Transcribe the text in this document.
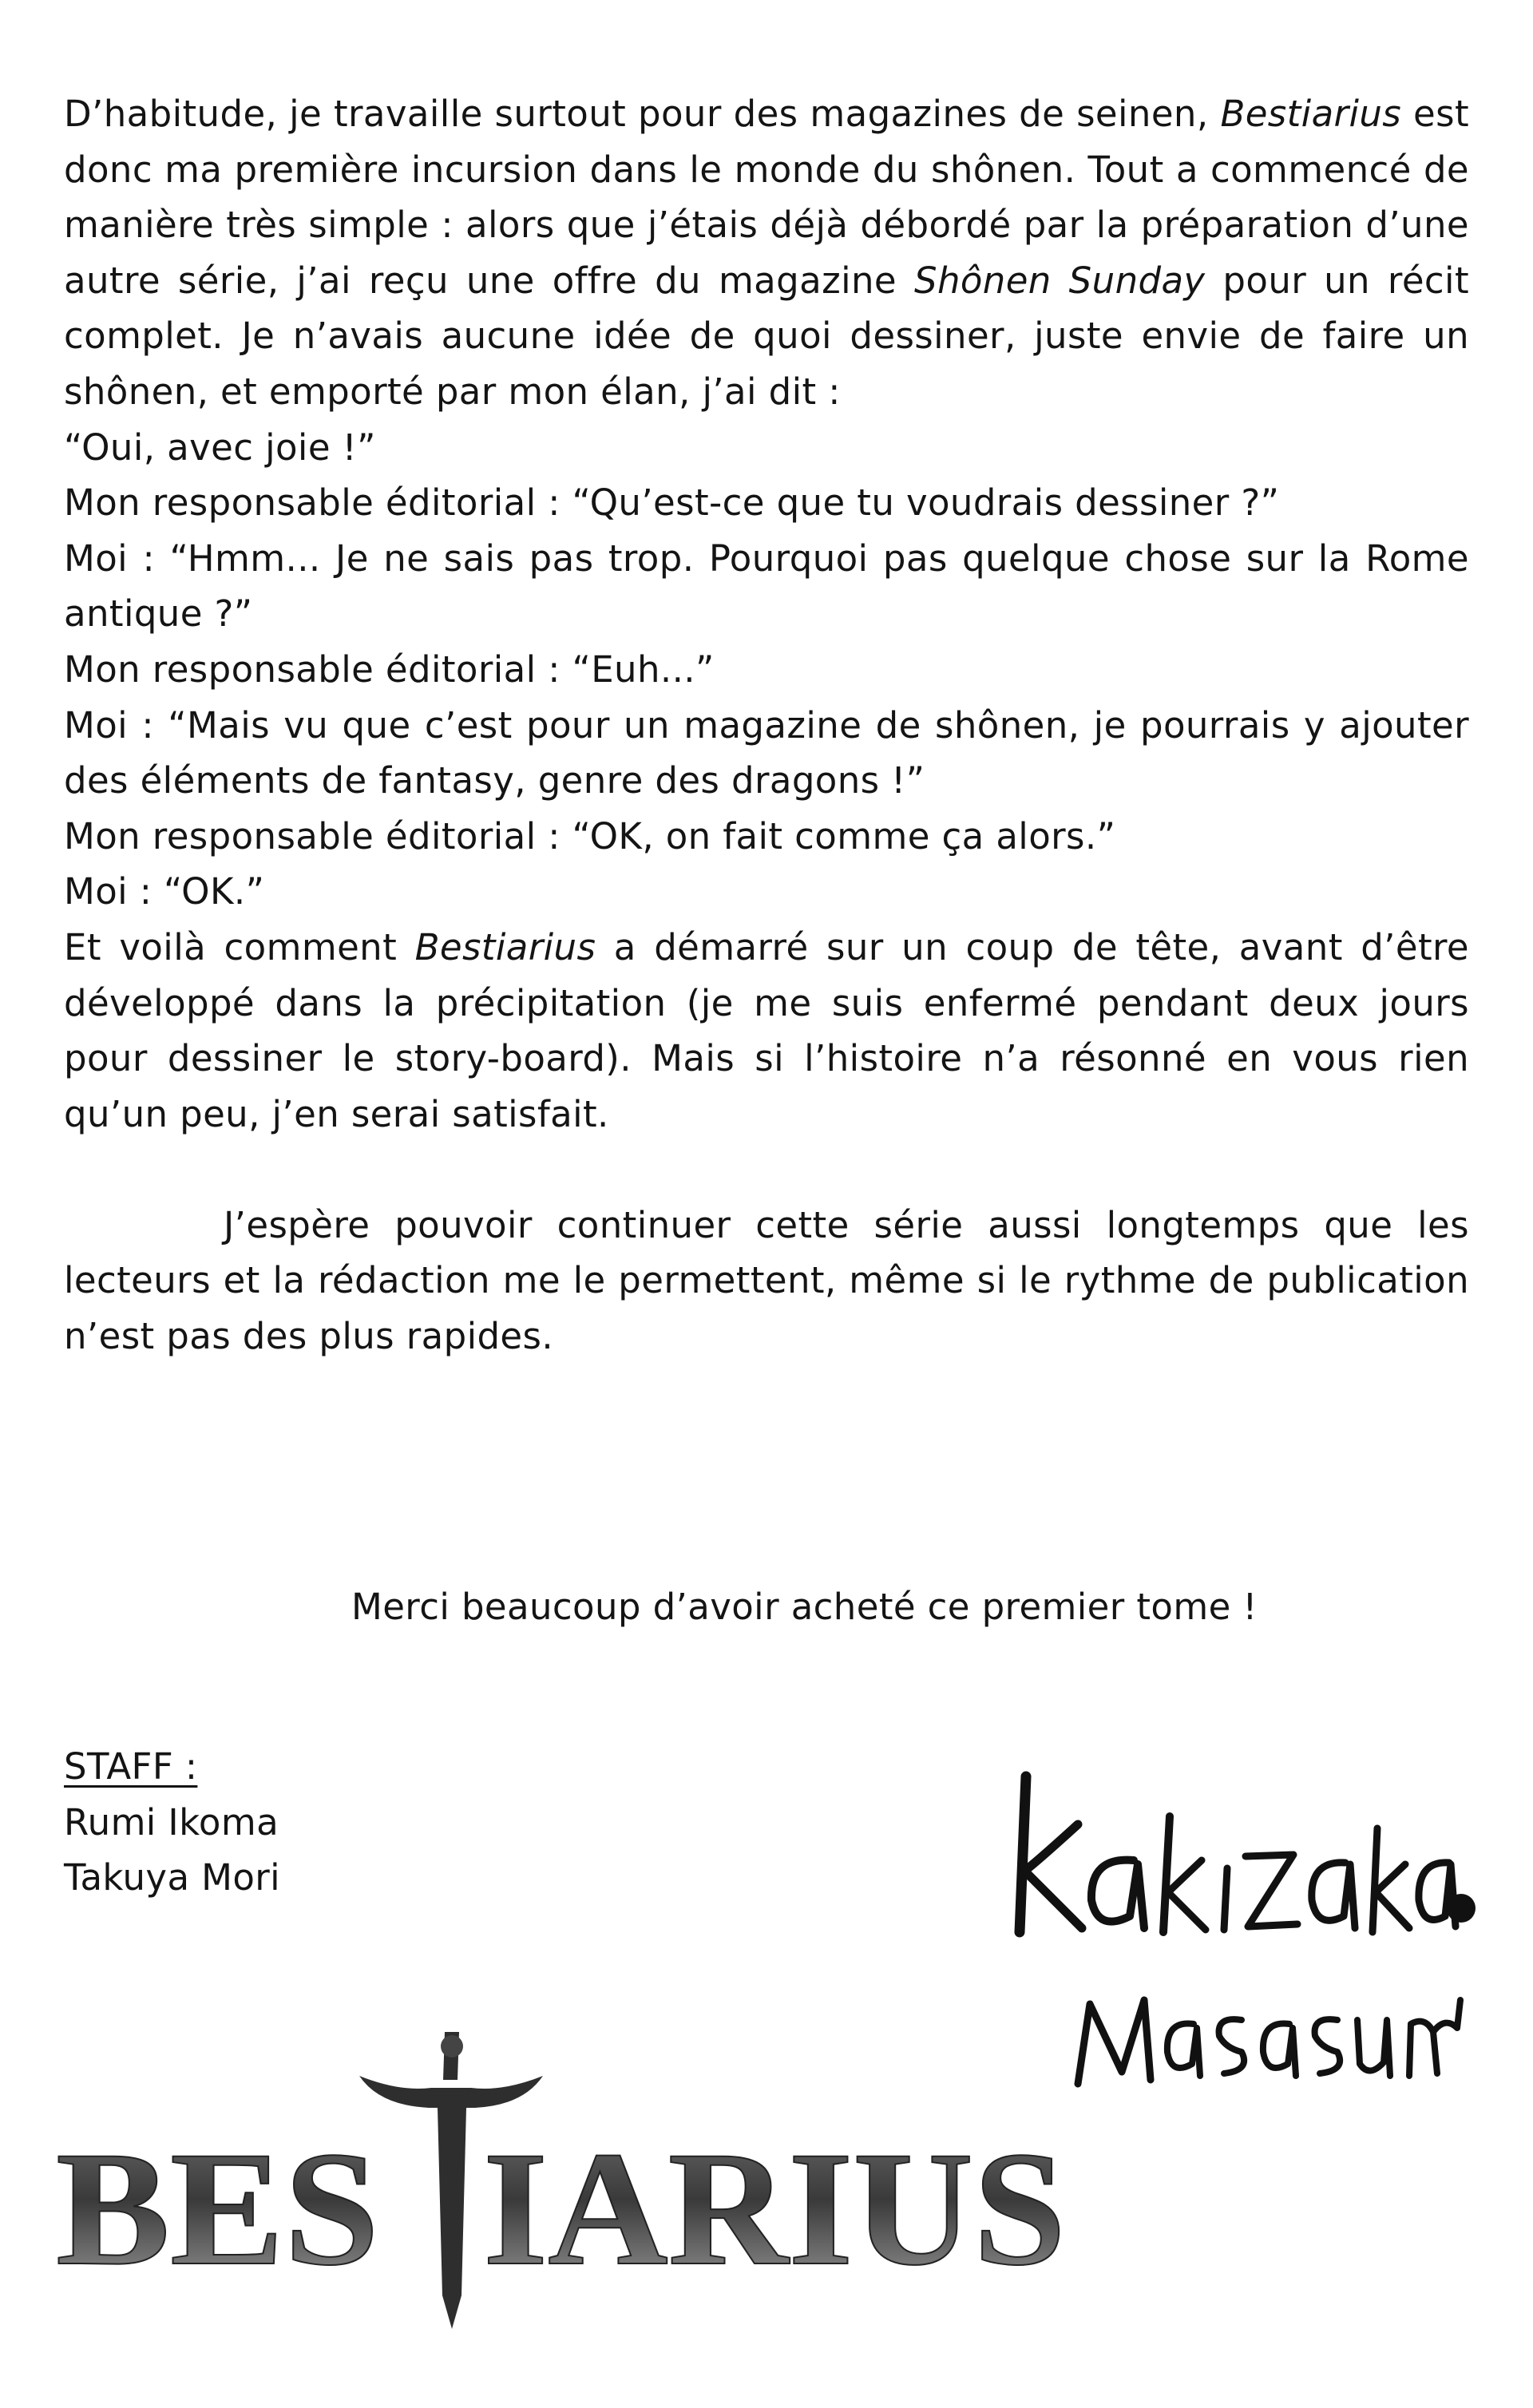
D’habitude, je travaille surtout pour des magazines de seinen, Bestiarius est donc ma première incursion dans le monde du shônen. Tout a commencé de manière très simple : alors que j’étais déjà débordé par la préparation d’une autre série, j’ai reçu une offre du magazine Shônen Sunday pour un récit complet. Je n’avais aucune idée de quoi dessiner, juste envie de faire un shônen, et emporté par mon élan, j’ai dit :

“Oui, avec joie !”

Mon responsable éditorial : “Qu’est-ce que tu voudrais dessiner ?”

Moi : “Hmm... Je ne sais pas trop. Pourquoi pas quelque chose sur la Rome antique ?”

Mon responsable éditorial : “Euh...”

Moi : “Mais vu que c’est pour un magazine de shônen, je pourrais y ajouter des éléments de fantasy, genre des dragons !”

Mon responsable éditorial : “OK, on fait comme ça alors.”

Moi : “OK.”

Et voilà comment Bestiarius a démarré sur un coup de tête, avant d’être développé dans la précipitation (je me suis enfermé pendant deux jours pour dessiner le story-board). Mais si l’histoire n’a résonné en vous rien qu’un peu, j’en serai satisfait.

J’espère pouvoir continuer cette série aussi longtemps que les lecteurs et la rédaction me le permettent, même si le rythme de publication n’est pas des plus rapides.

Merci beaucoup d’avoir acheté ce premier tome !
STAFF :
Rumi Ikoma
Takuya Mori
BES IARIUS
